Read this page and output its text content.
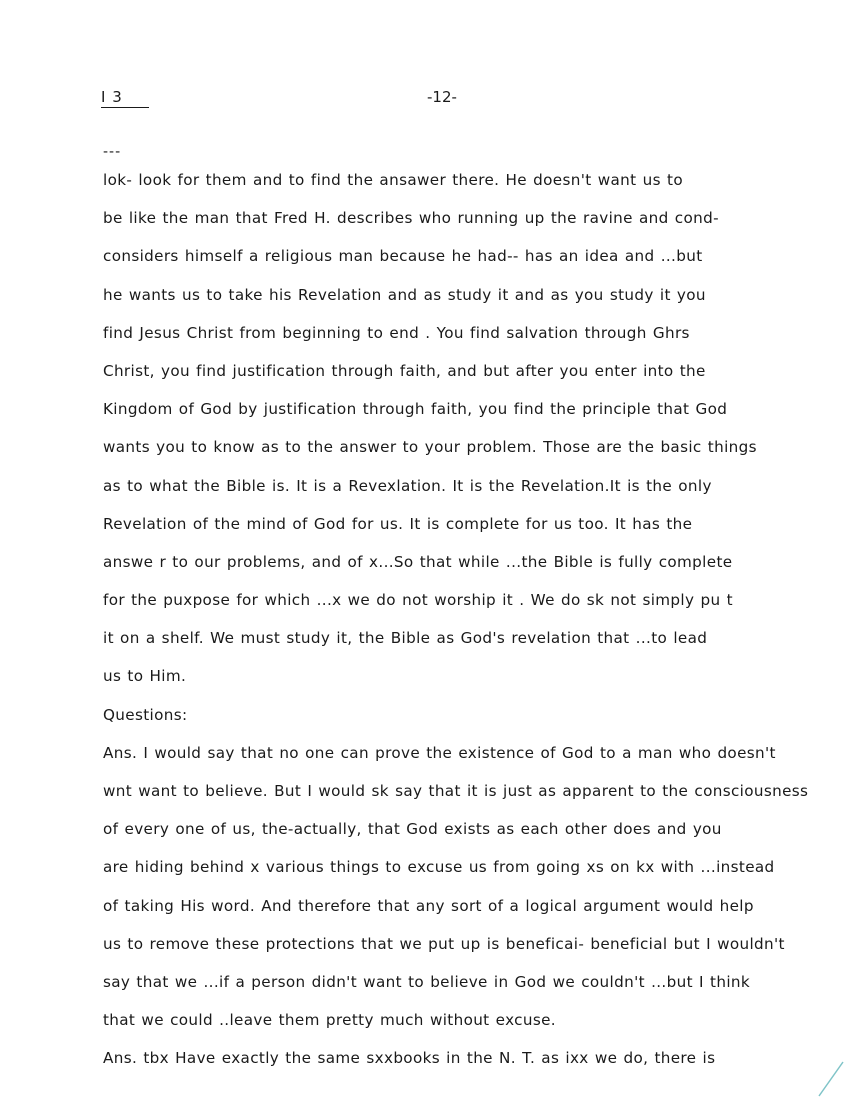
I 3	-12-
---
lok- look for them and to find the ansawer there. He doesn't want us to
be like the man that Fred H. describes who running up the ravine and cond-
considers himself a religious man because he had-- has an idea and ...but
he wants us to take his Revelation and as study it and as you study it you
find Jesus Christ from beginning to end . You find salvation through Ghrs
Christ, you find justification through faith, and but after you enter into the
Kingdom of God by justification through faith, you find the principle that God
wants you to know as to the answer to your problem. Those are the basic things
as to what the Bible is. It is a Revexlation. It is the Revelation.It is the only
Revelation of the mind of God for us. It is complete for us too. It has the
answe r to our problems, and of x...So that while ...the Bible is fully complete
for the puxpose for which ...x we do not worship it . We do sk not simply pu t
it on a shelf. We must study it, the Bible as God's revelation that ...to lead
us to Him.
Questions:
Ans. I would say that no one can prove the existence of God to a man who doesn't
wnt want to believe. But I would sk say that it is just as apparent to the consciousness
of every one of us, the-actually, that God exists as each other does and you
are hiding behind x various things to excuse us from going xs on kx with ...instead
of taking His word. And therefore that any sort of a logical argument would help
us to remove these protections that we put up is beneficai- beneficial but I wouldn't
say that we ...if a person didn't want to believe in God we couldn't ...but I think
that we could ..leave them pretty much without excuse.
Ans. tbx Have exactly the same sxxbooks in the N. T. as ixx we do, there is
